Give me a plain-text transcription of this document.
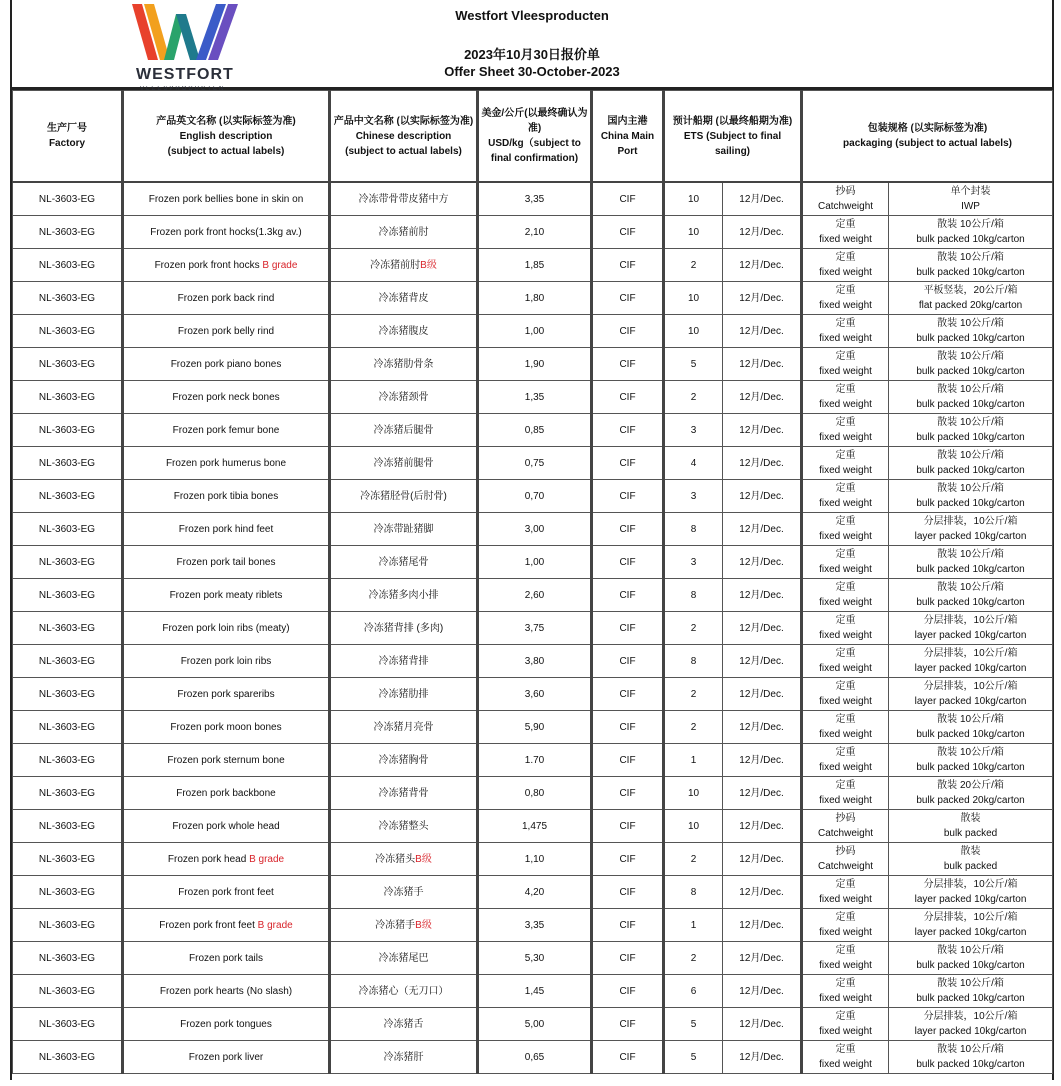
WESTFORT
VLEESPRODUCTEN
Westfort Vleesproducten
2023年10月30日报价单
Offer Sheet 30-October-2023
生产厂号
Factory	产品英文名称 (以实际标签为准)
English description
(subject to actual labels)	产品中文名称 (以实际标签为准)
Chinese description
(subject to actual labels)	美金/公斤(以最终确认为准)
USD/kg（subject to final confirmation)	国内主港
China Main
Port	预计船期 (以最终船期为准)
ETS (Subject to final
sailing)		包装规格 (以实际标签为准)
packaging (subject to actual labels)	

NL-3603-EG	Frozen pork bellies bone in skin on	冷冻带骨带皮猪中方	3,35	CIF	10	12月/Dec.	抄码
Catchweight	单个封装
IWP

NL-3603-EG	Frozen pork front hocks(1.3kg av.)	冷冻猪前肘	2,10	CIF	10	12月/Dec.	定重
fixed weight	散装 10公斤/箱
bulk packed 10kg/carton

NL-3603-EG	Frozen pork front hocks B grade	冷冻猪前肘B级	1,85	CIF	2	12月/Dec.	定重
fixed weight	散装 10公斤/箱
bulk packed 10kg/carton

NL-3603-EG	Frozen pork back rind	冷冻猪背皮	1,80	CIF	10	12月/Dec.	定重
fixed weight	平板竖装，20公斤/箱
flat packed 20kg/carton

NL-3603-EG	Frozen pork belly rind	冷冻猪腹皮	1,00	CIF	10	12月/Dec.	定重
fixed weight	散装 10公斤/箱
bulk packed 10kg/carton

NL-3603-EG	Frozen pork piano bones	冷冻猪肋骨条	1,90	CIF	5	12月/Dec.	定重
fixed weight	散装 10公斤/箱
bulk packed 10kg/carton

NL-3603-EG	Frozen pork neck bones	冷冻猪颈骨	1,35	CIF	2	12月/Dec.	定重
fixed weight	散装 10公斤/箱
bulk packed 10kg/carton

NL-3603-EG	Frozen pork femur bone	冷冻猪后腿骨	0,85	CIF	3	12月/Dec.	定重
fixed weight	散装 10公斤/箱
bulk packed 10kg/carton

NL-3603-EG	Frozen pork humerus bone	冷冻猪前腿骨	0,75	CIF	4	12月/Dec.	定重
fixed weight	散装 10公斤/箱
bulk packed 10kg/carton

NL-3603-EG	Frozen pork tibia bones	冷冻猪胫骨(后肘骨)	0,70	CIF	3	12月/Dec.	定重
fixed weight	散装 10公斤/箱
bulk packed 10kg/carton

NL-3603-EG	Frozen pork hind feet	冷冻带趾猪脚	3,00	CIF	8	12月/Dec.	定重
fixed weight	分层排装，10公斤/箱
layer packed 10kg/carton

NL-3603-EG	Frozen pork tail bones	冷冻猪尾骨	1,00	CIF	3	12月/Dec.	定重
fixed weight	散装 10公斤/箱
bulk packed 10kg/carton

NL-3603-EG	Frozen pork meaty riblets	冷冻猪多肉小排	2,60	CIF	8	12月/Dec.	定重
fixed weight	散装 10公斤/箱
bulk packed 10kg/carton

NL-3603-EG	Frozen pork loin ribs (meaty)	冷冻猪背排 (多肉)	3,75	CIF	2	12月/Dec.	定重
fixed weight	分层排装，10公斤/箱
layer packed 10kg/carton

NL-3603-EG	Frozen pork loin ribs	冷冻猪背排	3,80	CIF	8	12月/Dec.	定重
fixed weight	分层排装，10公斤/箱
layer packed 10kg/carton

NL-3603-EG	Frozen pork spareribs	冷冻猪肋排	3,60	CIF	2	12月/Dec.	定重
fixed weight	分层排装，10公斤/箱
layer packed 10kg/carton

NL-3603-EG	Frozen pork moon bones	冷冻猪月亮骨	5,90	CIF	2	12月/Dec.	定重
fixed weight	散装 10公斤/箱
bulk packed 10kg/carton

NL-3603-EG	Frozen pork sternum bone	冷冻猪胸骨	1.70	CIF	1	12月/Dec.	定重
fixed weight	散装 10公斤/箱
bulk packed 10kg/carton

NL-3603-EG	Frozen pork backbone	冷冻猪背骨	0,80	CIF	10	12月/Dec.	定重
fixed weight	散装 20公斤/箱
bulk packed 20kg/carton

NL-3603-EG	Frozen pork whole head	冷冻猪整头	1,475	CIF	10	12月/Dec.	抄码
Catchweight	散装
bulk packed

NL-3603-EG	Frozen pork head B grade	冷冻猪头B级	1,10	CIF	2	12月/Dec.	抄码
Catchweight	散装
bulk packed

NL-3603-EG	Frozen pork front feet	冷冻猪手	4,20	CIF	8	12月/Dec.	定重
fixed weight	分层排装，10公斤/箱
layer packed 10kg/carton

NL-3603-EG	Frozen pork front feet B grade	冷冻猪手B级	3,35	CIF	1	12月/Dec.	定重
fixed weight	分层排装，10公斤/箱
layer packed 10kg/carton

NL-3603-EG	Frozen pork tails	冷冻猪尾巴	5,30	CIF	2	12月/Dec.	定重
fixed weight	散装 10公斤/箱
bulk packed 10kg/carton

NL-3603-EG	Frozen pork hearts (No slash)	冷冻猪心（无刀口）	1,45	CIF	6	12月/Dec.	定重
fixed weight	散装 10公斤/箱
bulk packed 10kg/carton

NL-3603-EG	Frozen pork tongues	冷冻猪舌	5,00	CIF	5	12月/Dec.	定重
fixed weight	分层排装，10公斤/箱
layer packed 10kg/carton

NL-3603-EG	Frozen pork liver	冷冻猪肝	0,65	CIF	5	12月/Dec.	定重
fixed weight	散装 10公斤/箱
bulk packed 10kg/carton
